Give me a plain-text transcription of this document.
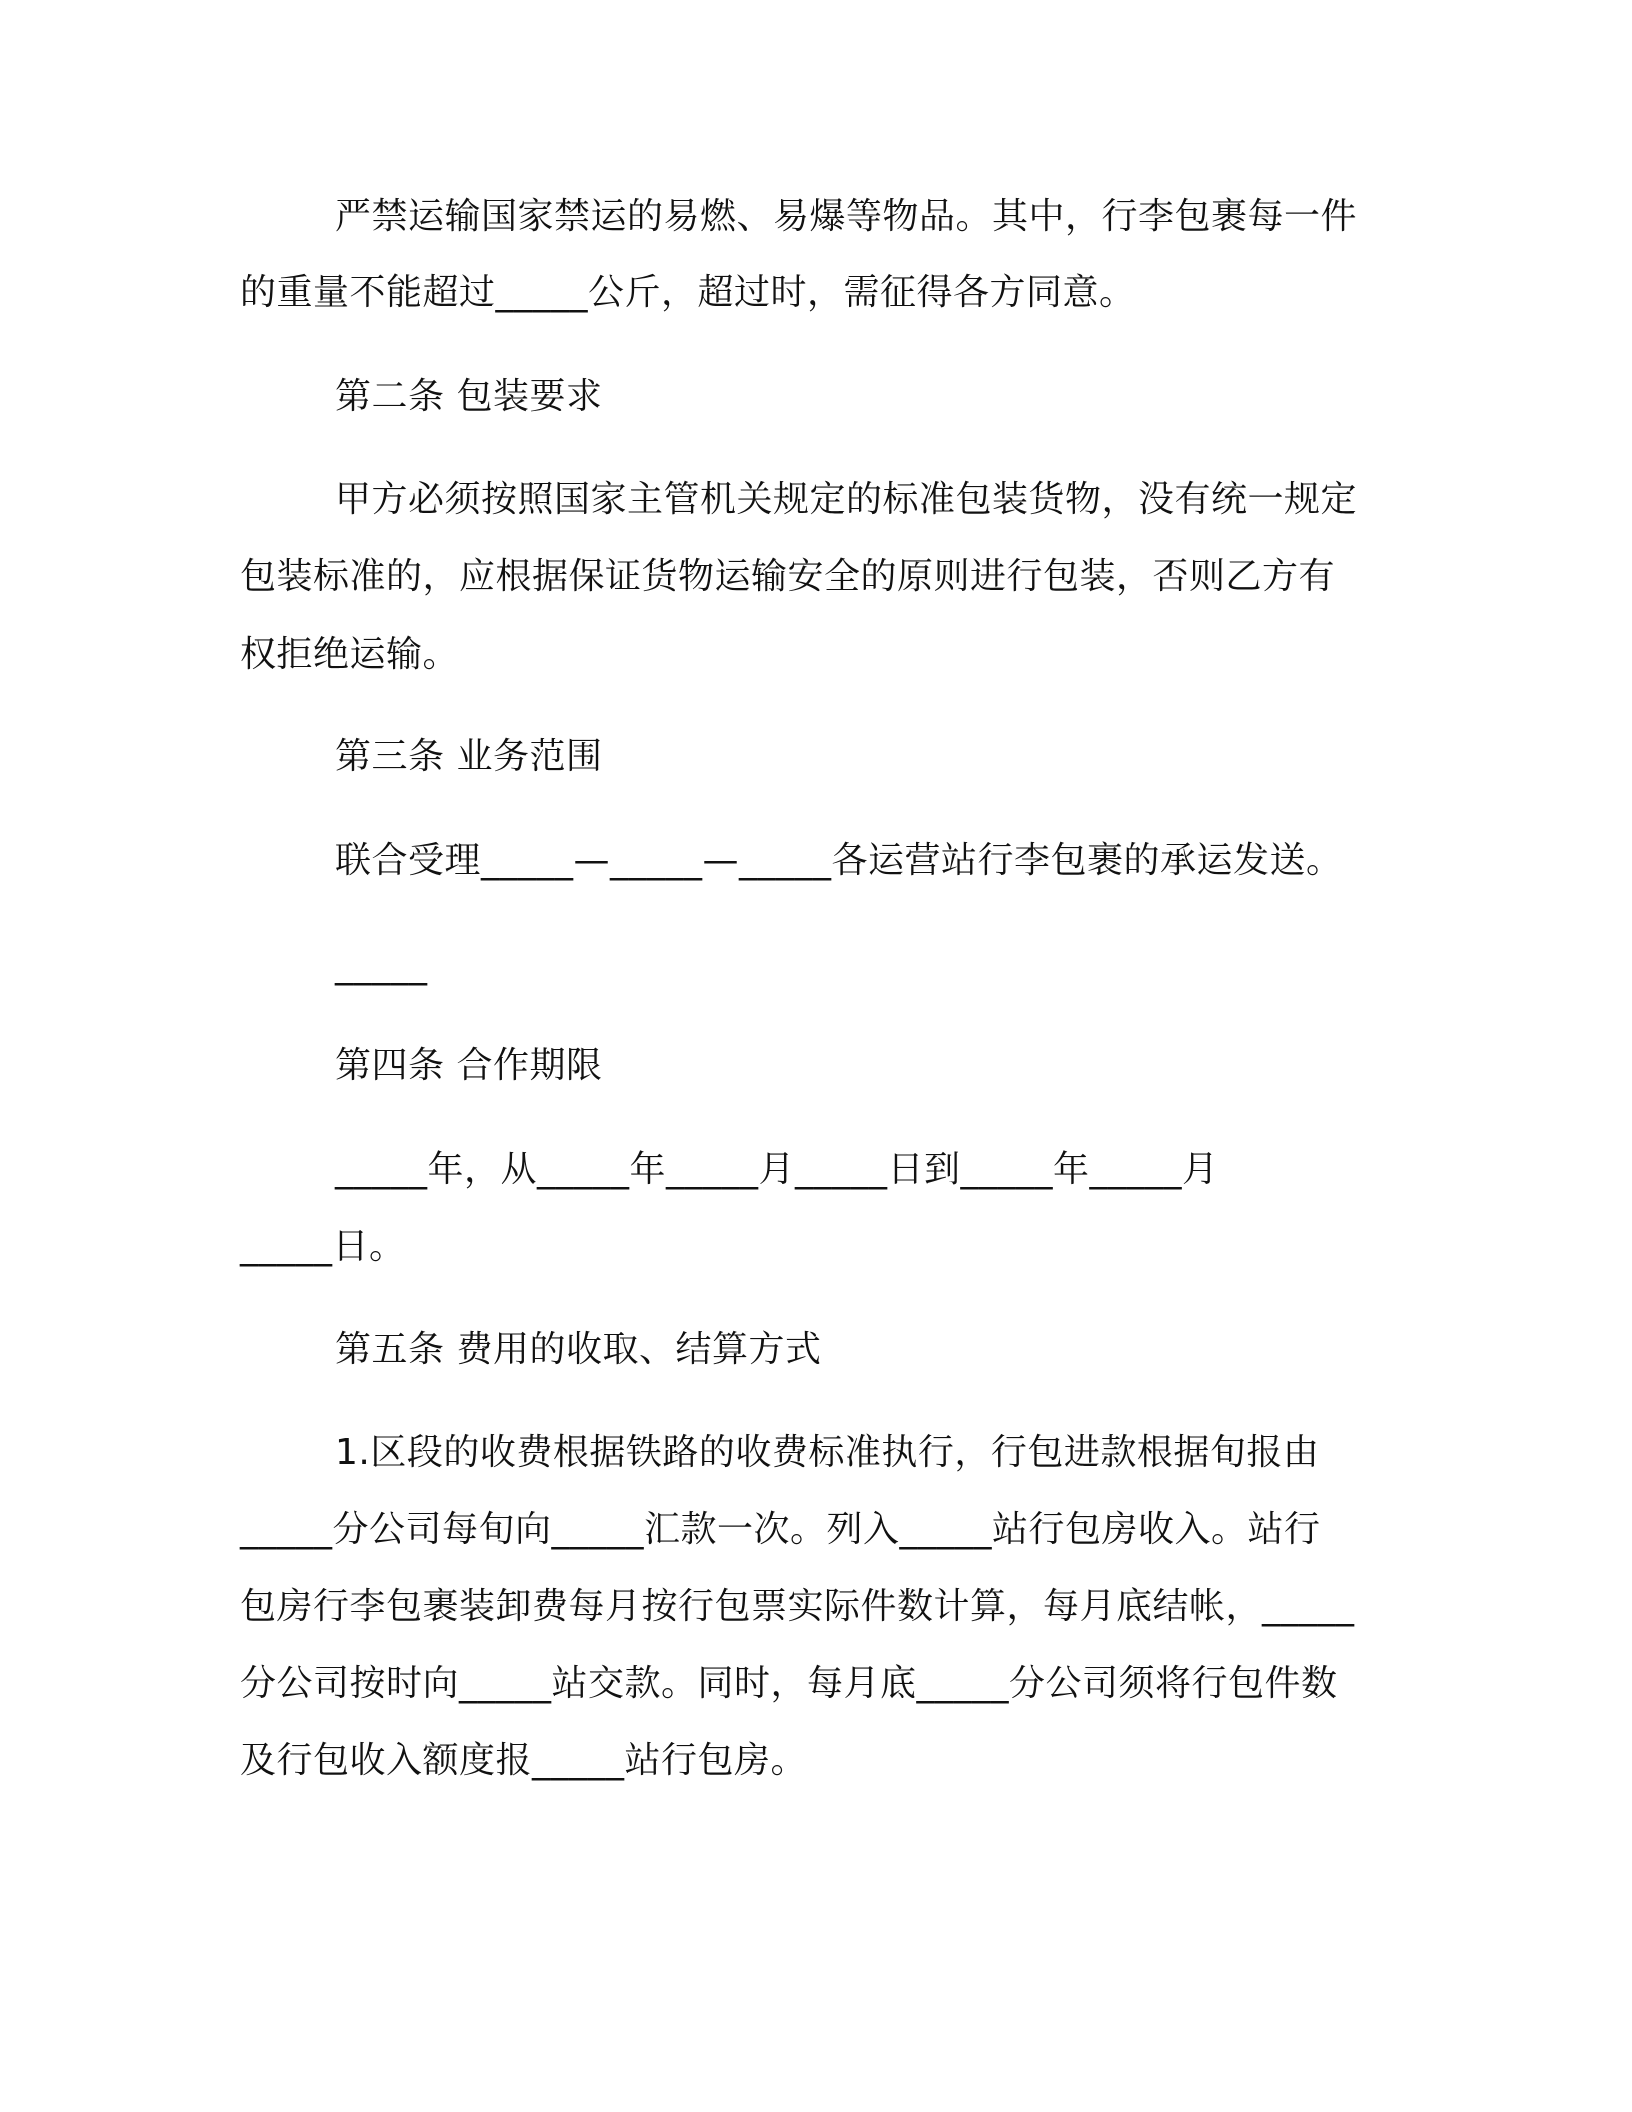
严禁运输国家禁运的易燃、易爆等物品。其中，行李包裹每一件
的重量不能超过_____公斤，超过时，需征得各方同意。
第二条 包装要求
甲方必须按照国家主管机关规定的标准包装货物，没有统一规定
包装标准的，应根据保证货物运输安全的原则进行包装，否则乙方有
权拒绝运输。
第三条 业务范围
联合受理_____—_____—_____各运营站行李包裹的承运发送。
_____
第四条 合作期限
_____年，从_____年_____月_____日到_____年_____月
_____日。
第五条 费用的收取、结算方式
1.区段的收费根据铁路的收费标准执行，行包进款根据旬报由
_____分公司每旬向_____汇款一次。列入_____站行包房收入。站行
包房行李包裹装卸费每月按行包票实际件数计算，每月底结帐，_____
分公司按时向_____站交款。同时，每月底_____分公司须将行包件数
及行包收入额度报_____站行包房。
